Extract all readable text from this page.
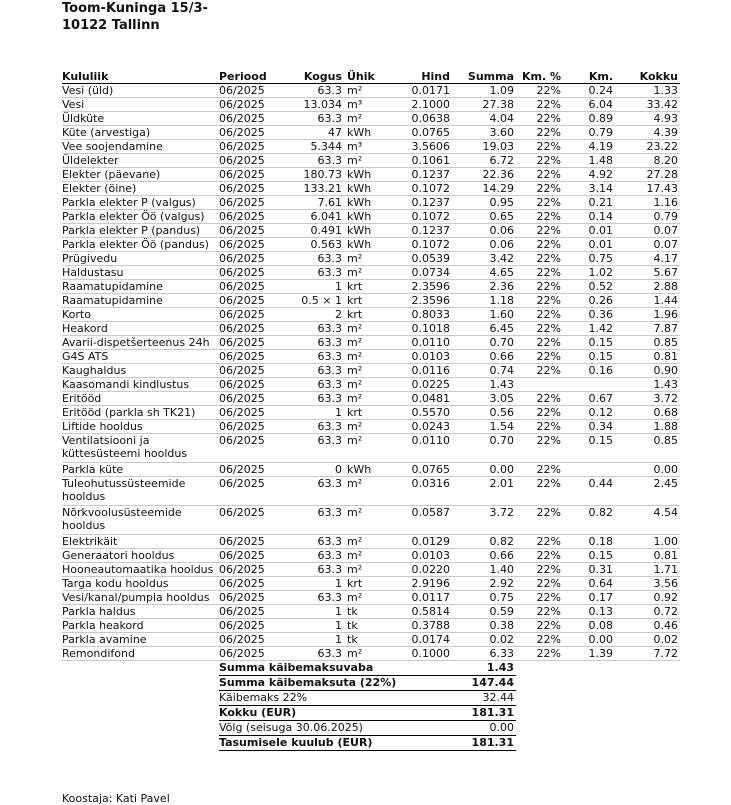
Toom-Kuninga 15/3-
10122 Tallinn
Kululiik	Periood	Kogus	Ühik	Hind	Summa	Km. %	Km.	Kokku
Vesi (üld)	06/2025	63.3	m²	0.0171	1.09	22%	0.24	1.33
Vesi	06/2025	13.034	m³	2.1000	27.38	22%	6.04	33.42
Üldküte	06/2025	63.3	m²	0.0638	4.04	22%	0.89	4.93
Küte (arvestiga)	06/2025	47	kWh	0.0765	3.60	22%	0.79	4.39
Vee soojendamine	06/2025	5.344	m³	3.5606	19.03	22%	4.19	23.22
Üldelekter	06/2025	63.3	m²	0.1061	6.72	22%	1.48	8.20
Elekter (päevane)	06/2025	180.73	kWh	0.1237	22.36	22%	4.92	27.28
Elekter (öine)	06/2025	133.21	kWh	0.1072	14.29	22%	3.14	17.43
Parkla elekter P (valgus)	06/2025	7.61	kWh	0.1237	0.95	22%	0.21	1.16
Parkla elekter Öö (valgus)	06/2025	6.041	kWh	0.1072	0.65	22%	0.14	0.79
Parkla elekter P (pandus)	06/2025	0.491	kWh	0.1237	0.06	22%	0.01	0.07
Parkla elekter Öö (pandus)	06/2025	0.563	kWh	0.1072	0.06	22%	0.01	0.07
Prügivedu	06/2025	63.3	m²	0.0539	3.42	22%	0.75	4.17
Haldustasu	06/2025	63.3	m²	0.0734	4.65	22%	1.02	5.67
Raamatupidamine	06/2025	1	krt	2.3596	2.36	22%	0.52	2.88
Raamatupidamine	06/2025	0.5 × 1	krt	2.3596	1.18	22%	0.26	1.44
Korto	06/2025	2	krt	0.8033	1.60	22%	0.36	1.96
Heakord	06/2025	63.3	m²	0.1018	6.45	22%	1.42	7.87
Avarii-dispetšerteenus 24h	06/2025	63.3	m²	0.0110	0.70	22%	0.15	0.85
G4S ATS	06/2025	63.3	m²	0.0103	0.66	22%	0.15	0.81
Kaughaldus	06/2025	63.3	m²	0.0116	0.74	22%	0.16	0.90
Kaasomandi kindlustus	06/2025	63.3	m²	0.0225	1.43			1.43
Eritööd	06/2025	63.3	m²	0.0481	3.05	22%	0.67	3.72
Eritööd (parkla sh TK21)	06/2025	1	krt	0.5570	0.56	22%	0.12	0.68
Liftide hooldus	06/2025	63.3	m²	0.0243	1.54	22%	0.34	1.88
Ventilatsiooni ja küttesüsteemi hooldus	06/2025	63.3	m²	0.0110	0.70	22%	0.15	0.85
Parkla küte	06/2025	0	kWh	0.0765	0.00	22%		0.00
Tuleohutussüsteemide hooldus	06/2025	63.3	m²	0.0316	2.01	22%	0.44	2.45
Nõrkvoolusüsteemide hooldus	06/2025	63.3	m²	0.0587	3.72	22%	0.82	4.54
Elektrikäit	06/2025	63.3	m²	0.0129	0.82	22%	0.18	1.00
Generaatori hooldus	06/2025	63.3	m²	0.0103	0.66	22%	0.15	0.81
Hooneautomaatika hooldus	06/2025	63.3	m²	0.0220	1.40	22%	0.31	1.71
Targa kodu hooldus	06/2025	1	krt	2.9196	2.92	22%	0.64	3.56
Vesi/kanal/pumpla hooldus	06/2025	63.3	m²	0.0117	0.75	22%	0.17	0.92
Parkla haldus	06/2025	1	tk	0.5814	0.59	22%	0.13	0.72
Parkla heakord	06/2025	1	tk	0.3788	0.38	22%	0.08	0.46
Parkla avamine	06/2025	1	tk	0.0174	0.02	22%	0.00	0.02
Remondifond	06/2025	63.3	m²	0.1000	6.33	22%	1.39	7.72
	Summa käibemaksuvaba				1.43			
	Summa käibemaksuta (22%)				147.44			
	Käibemaks 22%				32.44			
	Kokku (EUR)				181.31			
	Võlg (seisuga 30.06.2025)				0.00			
	Tasumisele kuulub (EUR)				181.31			
Koostaja: Kati Pavel
